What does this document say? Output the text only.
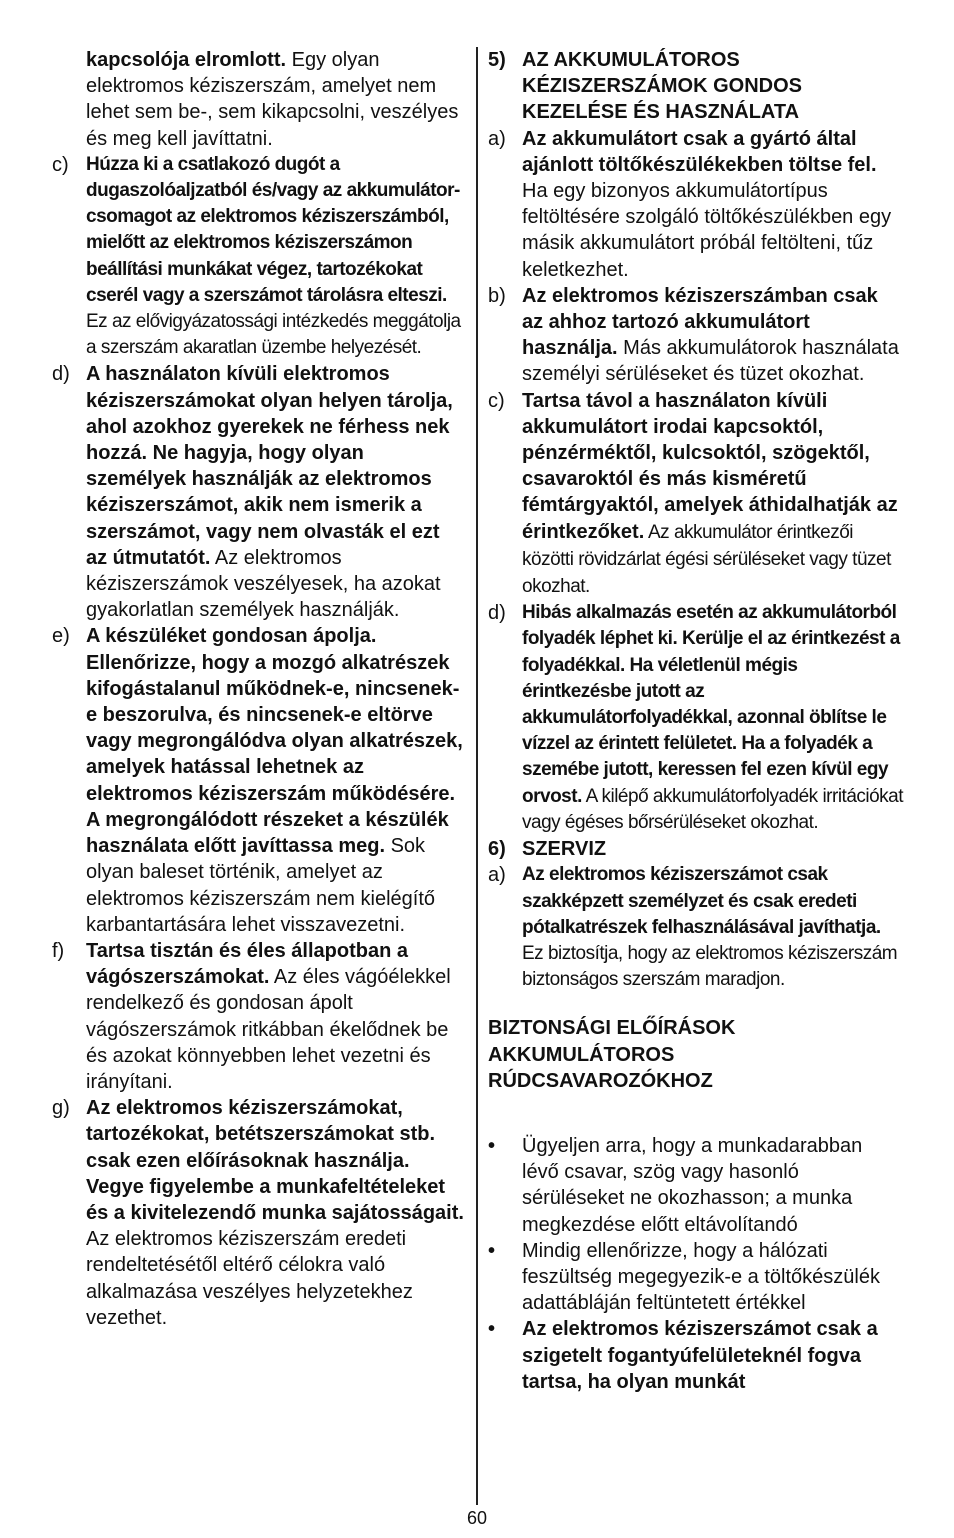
kapcsolója elromlott. Egy olyan elektromos kéziszerszám, amelyet nem lehet sem be-, sem kikapcsolni, veszélyes és meg kell javíttatni.
c) Húzza ki a csatlakozó dugót a dugaszolóaljzatból és/vagy az akkumulátor-csomagot az elektromos kéziszerszámból, mielőtt az elektromos kéziszerszámon beállítási munkákat végez, tartozékokat cserél vagy a szerszámot tárolásra elteszi. Ez az elővigyázatossági intézkedés meggátolja a szerszám akaratlan üzembe helyezését.
d) A használaton kívüli elektromos kéziszerszámokat olyan helyen tárolja, ahol azokhoz gyerekek ne férhess nek hozzá. Ne hagyja, hogy olyan személyek használják az elektromos kéziszerszámot, akik nem ismerik a szerszámot, vagy nem olvasták el ezt az útmutatót. Az elektromos kéziszerszámok veszélyesek, ha azokat gyakorlatlan személyek használják.
e) A készüléket gondosan ápolja. Ellenőrizze, hogy a mozgó alkatrészek kifogástalanul működnek-e, nincsenek-e beszorulva, és nincsenek-e eltörve vagy megrongálódva olyan alkatrészek, amelyek hatással lehetnek az elektromos kéziszerszám működésére. A megrongálódott részeket a készülék használata előtt javíttassa meg. Sok olyan baleset történik, amelyet az elektromos kéziszerszám nem kielégítő karbantartására lehet visszavezetni.
f)	Tartsa tisztán és éles állapotban a vágószerszámokat. Az éles vágóélekkel rendelkező és gondosan ápolt vágószerszámok ritkábban ékelődnek be és azokat könnyebben lehet vezetni és irányítani.
g) Az elektromos kéziszerszámokat, tartozékokat, betétszerszámokat stb. csak ezen előírásoknak használja. Vegye figyelembe a munkafeltételeket és a kivitelezendő munka sajátosságait. Az elektromos kéziszerszám eredeti rendeltetésétől eltérő célokra való alkalmazása veszélyes helyzetekhez vezethet.
5) AZ AKKUMULÁTOROS KÉZISZERSZÁMOK GONDOS KEZELÉSE ÉS HASZNÁLATA
a) Az akkumulátort csak a gyártó által ajánlott töltőkészülékekben töltse fel. Ha egy bizonyos akkumulátortípus feltöltésére szolgáló töltőkészülékben egy másik akkumulátort próbál feltölteni, tűz keletkezhet.
b) Az elektromos kéziszerszámban csak az ahhoz tartozó akkumulátort használja. Más akkumulátorok használata személyi sérüléseket és tüzet okozhat.
c) Tartsa távol a használaton kívüli akkumulátort irodai kapcsoktól, pénzérméktől, kulcsoktól, szögektől, csavaroktól és más kisméretű fémtárgyaktól, amelyek áthidalhatják az érintkezőket. Az akkumulátor érintkezői közötti rövidzárlat égési sérüléseket vagy tüzet okozhat.
d) Hibás alkalmazás esetén az akkumulátorból folyadék léphet ki. Kerülje el az érintkezést a folyadékkal. Ha véletlenül mégis érintkezésbe jutott az akkumulátorfolyadékkal, azonnal öblítse le vízzel az érintett felületet. Ha a folyadék a szemébe jutott, keressen fel ezen kívül egy orvost. A kilépő akkumulátorfolyadék irritációkat vagy égéses bőrsérüléseket okozhat.
6) SZERVIZ
a) Az elektromos kéziszerszámot csak szakképzett személyzet és csak eredeti pótalkatrészek felhasználásával javíthatja. Ez biztosítja, hogy az elektromos kéziszerszám biztonságos szerszám maradjon.
BIZTONSÁGI ELŐÍRÁSOK AKKUMULÁTOROS RÚDCSAVAROZÓKHOZ
•	Ügyeljen arra, hogy a munkadarabban lévő csavar, szög vagy hasonló sérüléseket ne okozhasson; a munka megkezdése előtt eltávolítandó
•	Mindig ellenőrizze, hogy a hálózati feszültség megegyezik-e a töltőkészülék adattábláján feltüntetett értékkel
•	Az elektromos kéziszerszámot csak a szigetelt fogantyúfelületeknél fogva tartsa, ha olyan munkát
60
